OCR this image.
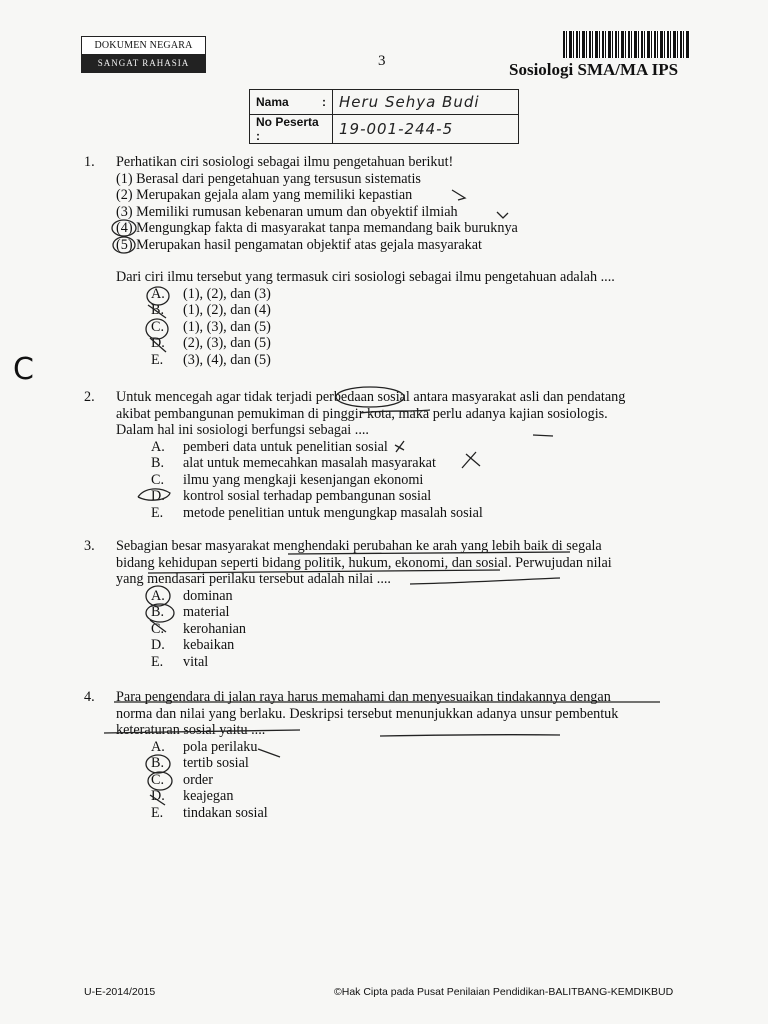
DOKUMEN NEGARA
SANGAT RAHASIA	3	Sosiologi SMA/MA IPS
Nama :	Heru Sehya Budi
No Peserta :	19-001-244-5
C
1.	Perhatikan ciri sosiologi sebagai ilmu pengetahuan berikut!
(1) Berasal dari pengetahuan yang tersusun sistematis
(2) Merupakan gejala alam yang memiliki kepastian
(3) Memiliki rumusan kebenaran umum dan obyektif ilmiah
(4) Mengungkap fakta di masyarakat tanpa memandang baik buruknya
(5) Merupakan hasil pengamatan objektif atas gejala masyarakat
Dari ciri ilmu tersebut yang termasuk ciri sosiologi sebagai ilmu pengetahuan adalah ....
A.	(1), (2), dan (3)
B.	(1), (2), dan (4)
C.	(1), (3), dan (5)
D.	(2), (3), dan (5)
E.	(3), (4), dan (5)
2.	Untuk mencegah agar tidak terjadi perbedaan sosial antara masyarakat asli dan pendatang
akibat pembangunan pemukiman di pinggir kota, maka perlu adanya kajian sosiologis.
Dalam hal ini sosiologi berfungsi sebagai ....
A.	pemberi data untuk penelitian sosial
B.	alat untuk memecahkan masalah masyarakat
C.	ilmu yang mengkaji kesenjangan ekonomi
D.	kontrol sosial terhadap pembangunan sosial
E.	metode penelitian untuk mengungkap masalah sosial
3.	Sebagian besar masyarakat menghendaki perubahan ke arah yang lebih baik di segala
bidang kehidupan seperti bidang politik, hukum, ekonomi, dan sosial. Perwujudan nilai
yang mendasari perilaku tersebut adalah nilai ....
A.	dominan
B.	material
C.	kerohanian
D.	kebaikan
E.	vital
4.	Para pengendara di jalan raya harus memahami dan menyesuaikan tindakannya dengan
norma dan nilai yang berlaku. Deskripsi tersebut menunjukkan adanya unsur pembentuk
keteraturan sosial yaitu ....
A.	pola perilaku
B.	tertib sosial
C.	order
D.	keajegan
E.	tindakan sosial
U-E-2014/2015	©Hak Cipta pada Pusat Penilaian Pendidikan-BALITBANG-KEMDIKBUD
